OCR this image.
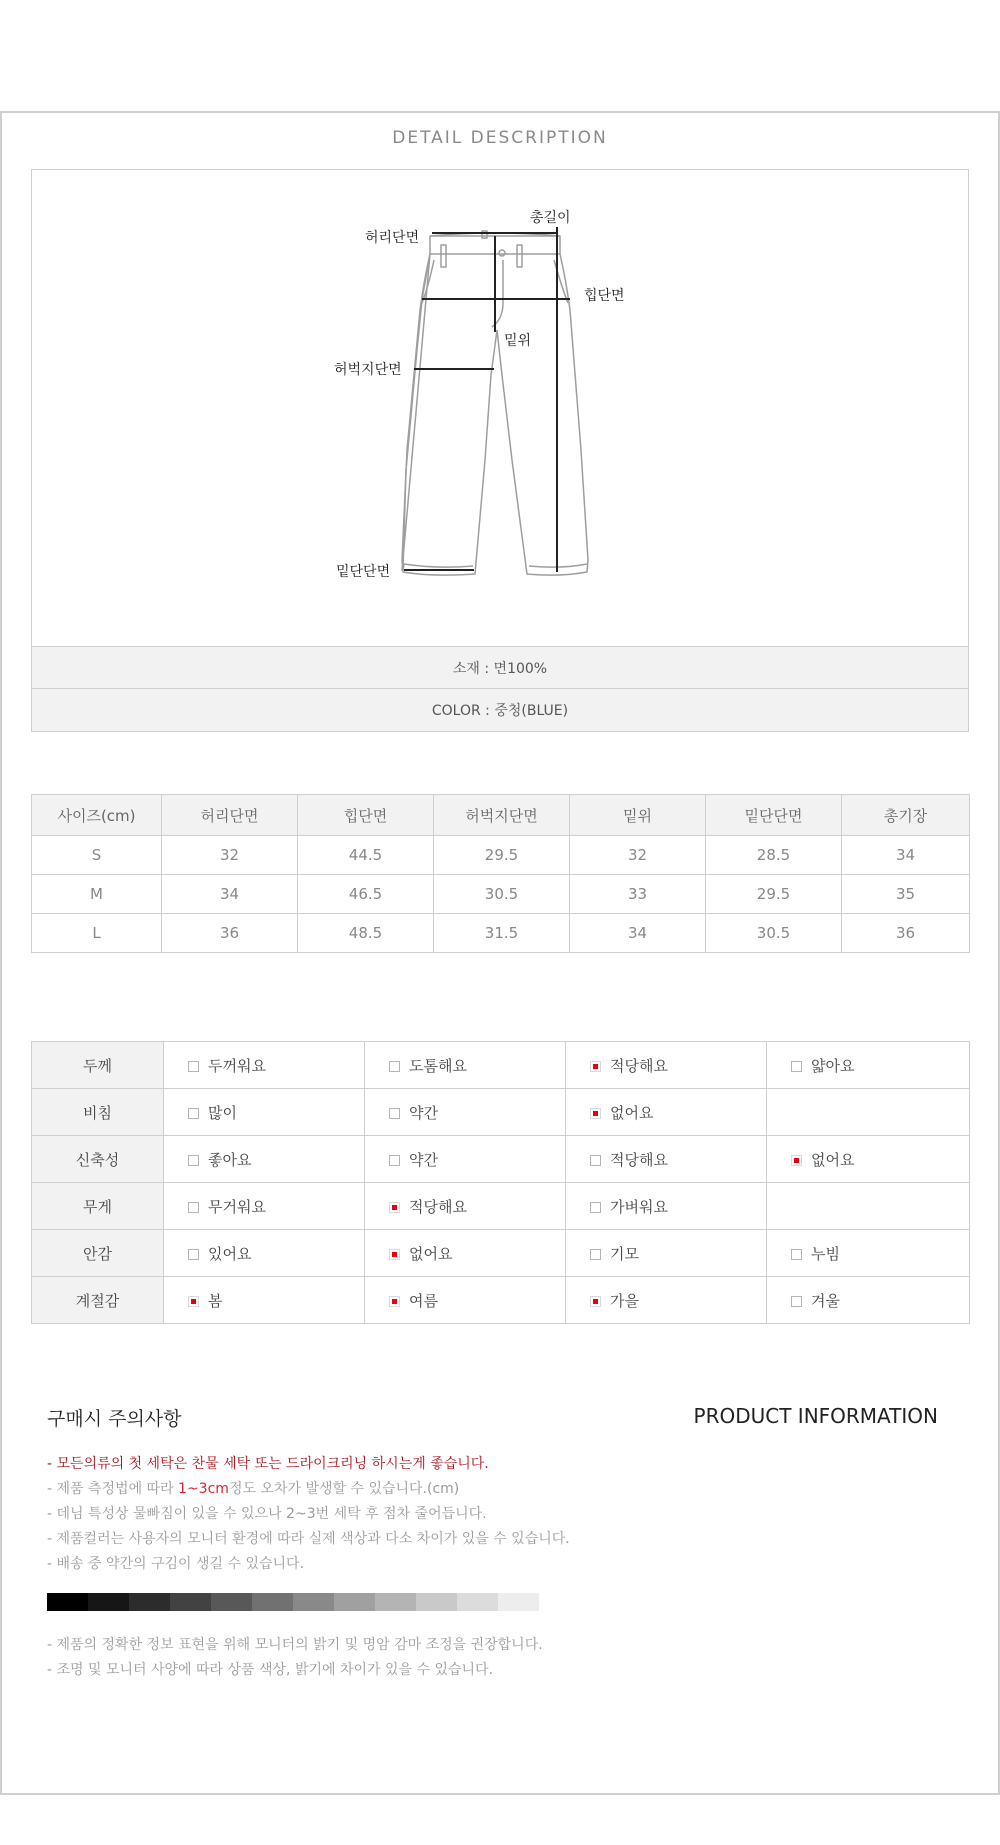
DETAIL DESCRIPTION
허리단면
총길이
힙단면
밑위
허벅지단면
밑단단면
소재 : 면100%
COLOR : 중청(BLUE)
사이즈(cm)	허리단면	힙단면	허벅지단면	밑위	밑단단면	총기장
S	32	44.5	29.5	32	28.5	34
M	34	46.5	30.5	33	29.5	35
L	36	48.5	31.5	34	30.5	36
두께	두꺼워요	도톰해요	적당해요	얇아요
비침	많이	약간	없어요	
신축성	좋아요	약간	적당해요	없어요
무게	무거워요	적당해요	가벼워요	
안감	있어요	없어요	기모	누빔
계절감	봄	여름	가을	겨울
구매시 주의사항	PRODUCT INFORMATION
- 모든의류의 첫 세탁은 찬물 세탁 또는 드라이크리닝 하시는게 좋습니다.
- 제품 측정법에 따라 1~3cm정도 오차가 발생할 수 있습니다.(cm)
- 데님 특성상 물빠짐이 있을 수 있으나 2~3번 세탁 후 점차 줄어듭니다.
- 제품컬러는 사용자의 모니터 환경에 따라 실제 색상과 다소 차이가 있을 수 있습니다.
- 배송 중 약간의 구김이 생길 수 있습니다.
- 제품의 정확한 정보 표현을 위해 모니터의 밝기 및 명암 감마 조정을 권장합니다.
- 조명 및 모니터 사양에 따라 상품 색상, 밝기에 차이가 있을 수 있습니다.
